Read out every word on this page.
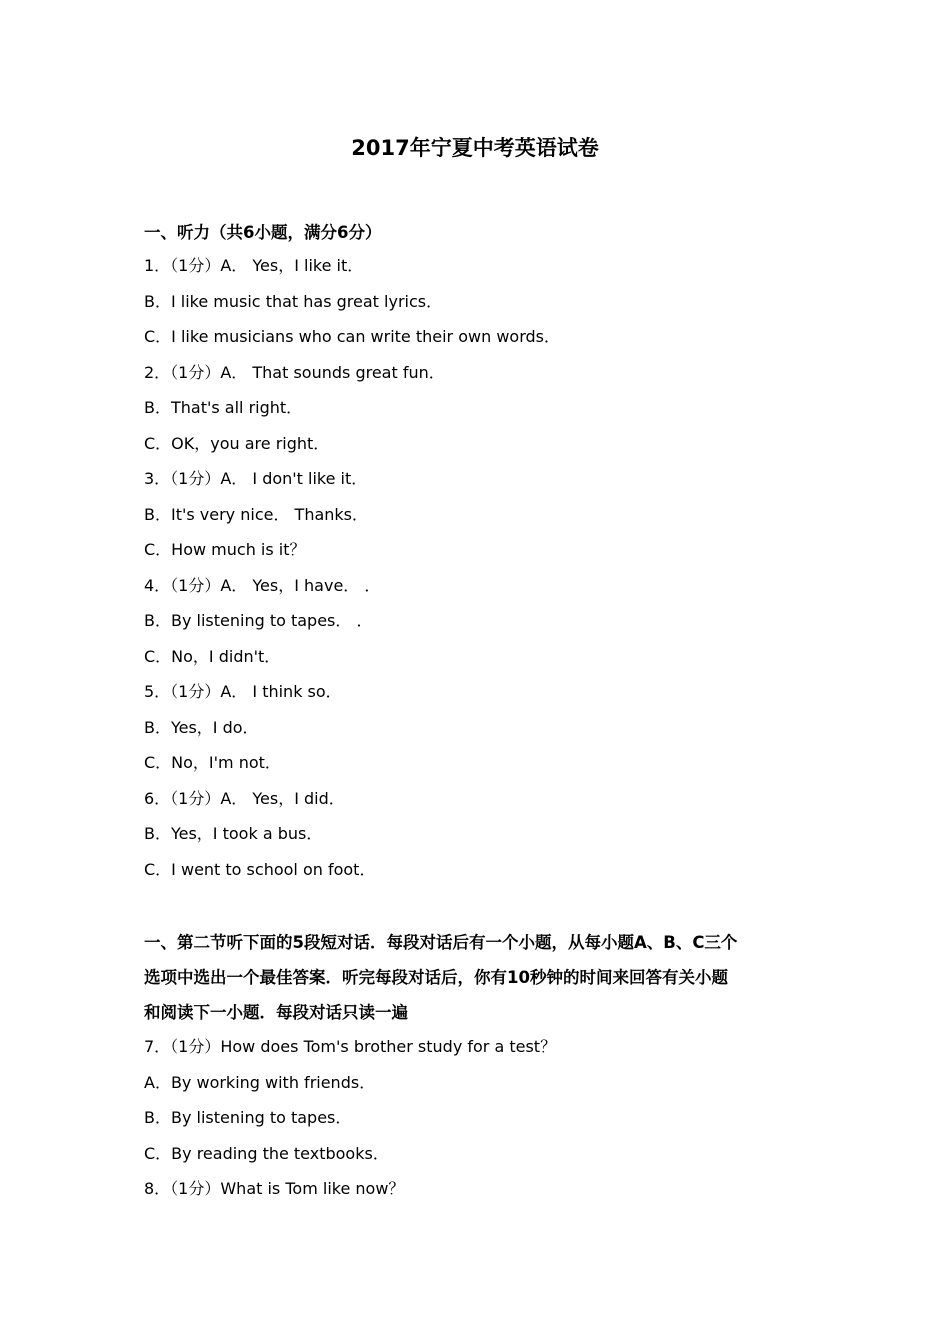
2017年宁夏中考英语试卷

一、听力（共6小题，满分6分）

1．（1分）A． Yes，I like it．

B．I like music that has great lyrics．

C．I like musicians who can write their own words．

2．（1分）A． That sounds great fun．

B．That's all right．

C．OK，you are right．

3．（1分）A． I don't like it．

B．It's very nice． Thanks．

C．How much is it？

4．（1分）A． Yes，I have． ．

B．By listening to tapes． ．

C．No，I didn't．

5．（1分）A． I think so．

B．Yes，I do．

C．No，I'm not．

6．（1分）A． Yes，I did．

B．Yes，I took a bus．

C．I went to school on foot．

一、第二节听下面的5段短对话．每段对话后有一个小题，从每小题A、B、C三个

选项中选出一个最佳答案．听完每段对话后，你有10秒钟的时间来回答有关小题

和阅读下一小题．每段对话只读一遍

7．（1分）How does Tom's brother study for a test？

A．By working with friends．

B．By listening to tapes．

C．By reading the textbooks．

8．（1分）What is Tom like now？
